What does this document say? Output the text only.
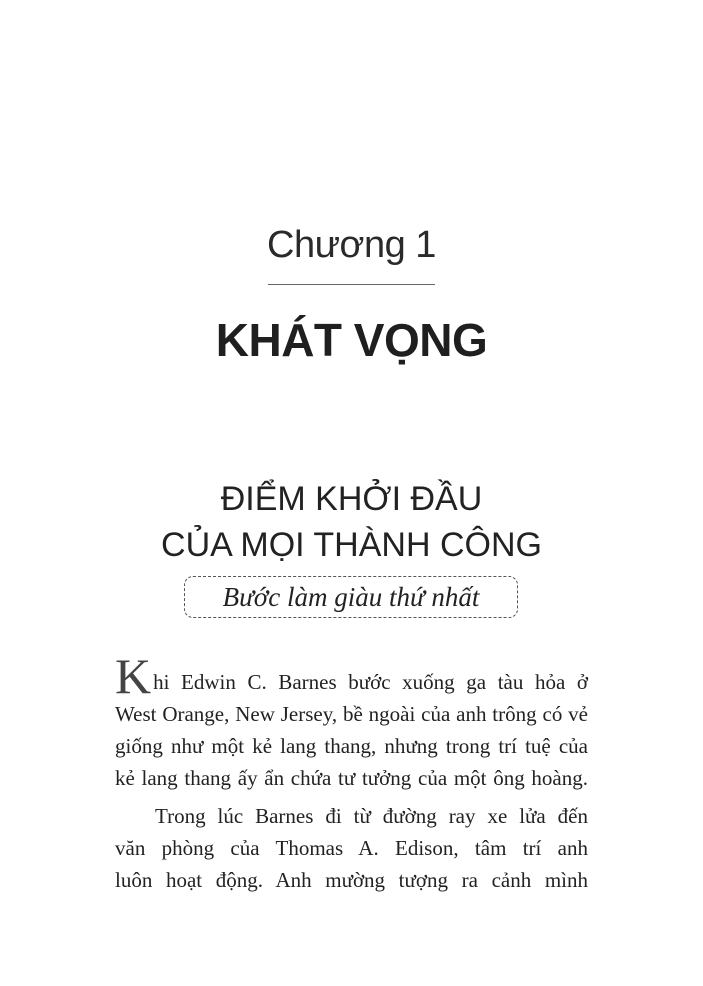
Chương 1
KHÁT VỌNG
ĐIỂM KHỞI ĐẦU
CỦA MỌI THÀNH CÔNG
Bước làm giàu thứ nhất

Khi Edwin C. Barnes bước xuống ga tàu hỏa ở
West Orange, New Jersey, bề ngoài của anh trông có vẻ
giống như một kẻ lang thang, nhưng trong trí tuệ của
kẻ lang thang ấy ẩn chứa tư tưởng của một ông hoàng.

Trong lúc Barnes đi từ đường ray xe lửa đến
văn phòng của Thomas A. Edison, tâm trí anh
luôn hoạt động. Anh mường tượng ra cảnh mình
